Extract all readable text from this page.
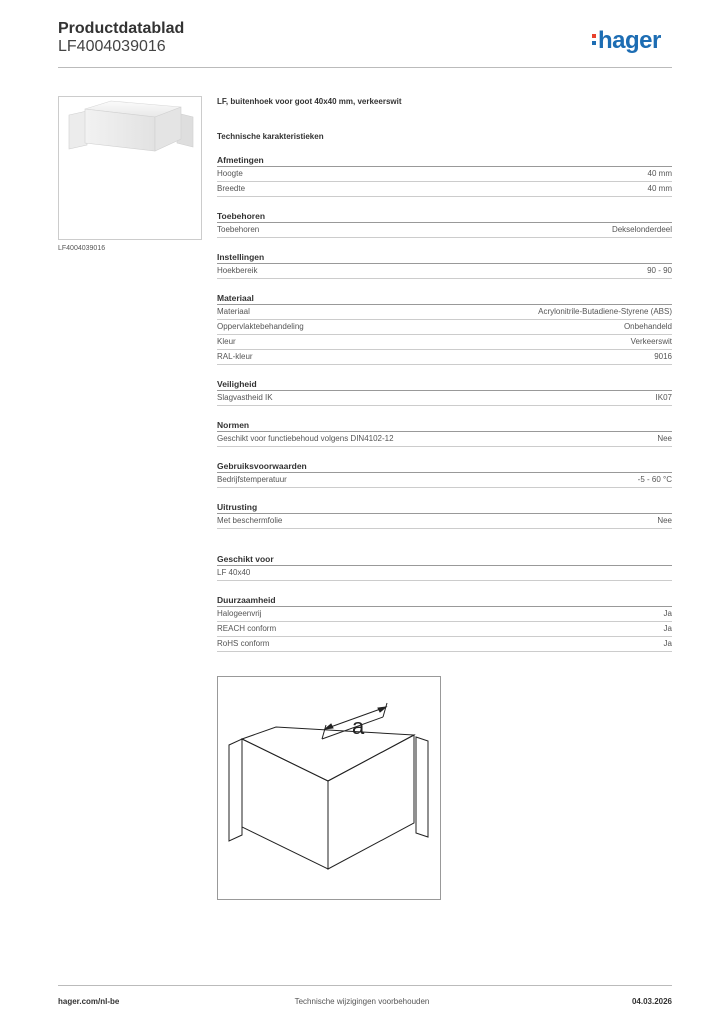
Productdatablad
LF4004039016	hager
LF4004039016
LF, buitenhoek voor goot 40x40 mm, verkeerswit
Technische karakteristieken
Afmetingen
Hoogte	40 mm
Breedte	40 mm
Toebehoren
Toebehoren	Dekselonderdeel
Instellingen
Hoekbereik	90 - 90
Materiaal
Materiaal	Acrylonitrile-Butadiene-Styrene (ABS)
Oppervlaktebehandeling	Onbehandeld
Kleur	Verkeerswit
RAL-kleur	9016
Veiligheid
Slagvastheid IK	IK07
Normen
Geschikt voor functiebehoud volgens DIN4102-12	Nee
Gebruiksvoorwaarden
Bedrijfstemperatuur	-5 - 60 °C
Uitrusting
Met beschermfolie	Nee
Geschikt voor
LF 40x40
Duurzaamheid
Halogeenvrij	Ja
REACH conform	Ja
RoHS conform	Ja
a
hager.com/nl-be	Technische wijzigingen voorbehouden	04.03.2026
